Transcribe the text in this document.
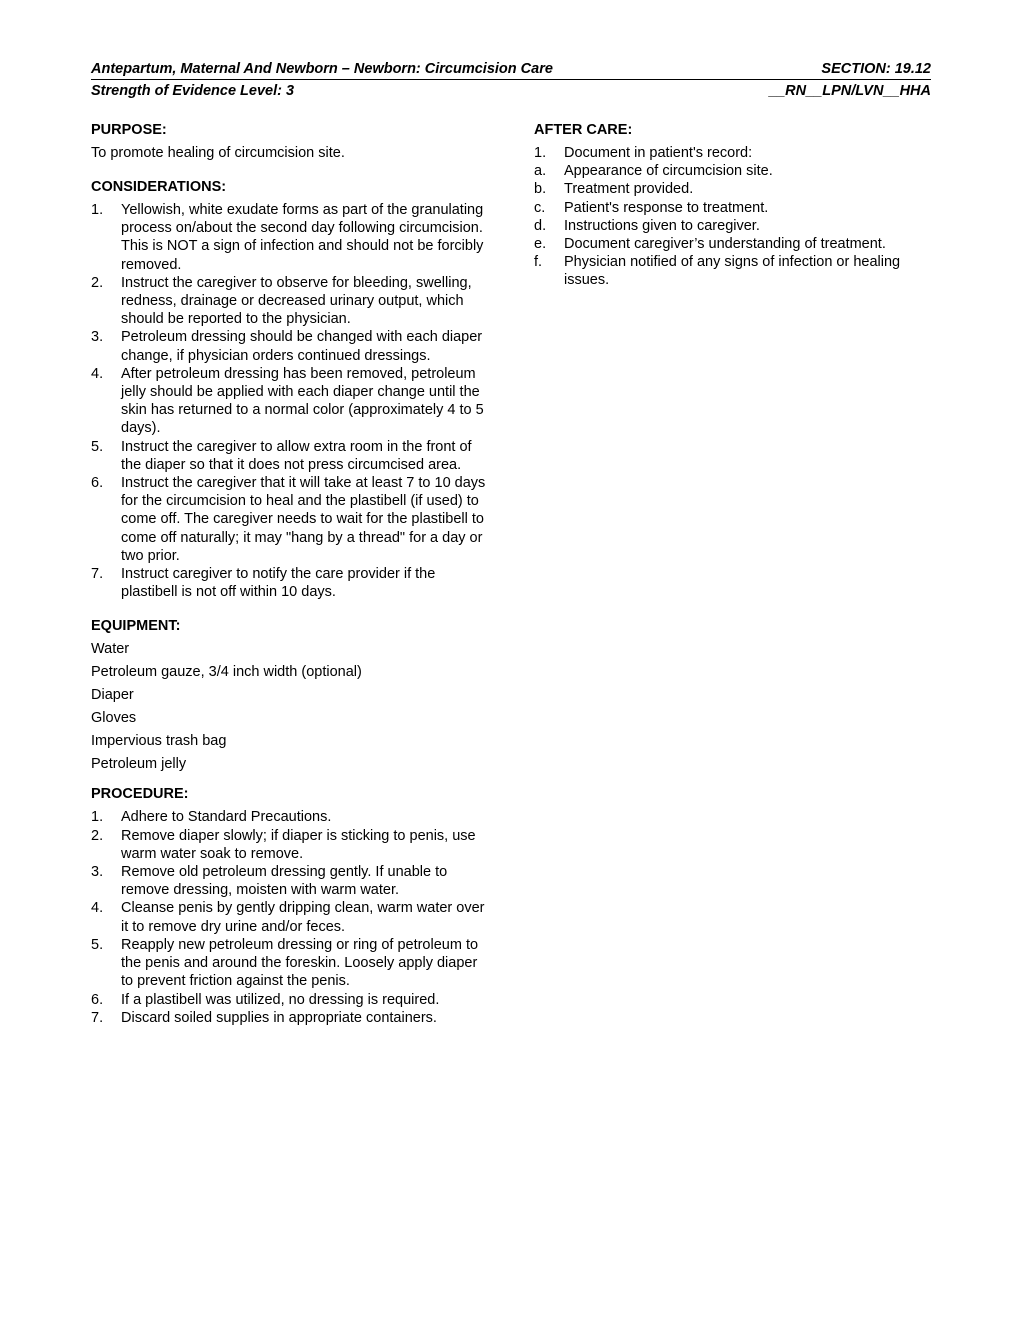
Antepartum, Maternal And Newborn – Newborn: Circumcision Care	SECTION: 19.12
Strength of Evidence Level: 3	__RN__LPN/LVN__HHA
PURPOSE:
To promote healing of circumcision site.
CONSIDERATIONS:
1.	Yellowish, white exudate forms as part of the granulating process on/about the second day following circumcision. This is NOT a sign of infection and should not be forcibly removed.
2.	Instruct the caregiver to observe for bleeding, swelling, redness, drainage or decreased urinary output, which should be reported to the physician.
3.	Petroleum dressing should be changed with each diaper change, if physician orders continued dressings.
4.	After petroleum dressing has been removed, petroleum jelly should be applied with each diaper change until the skin has returned to a normal color (approximately 4 to 5 days).
5.	Instruct the caregiver to allow extra room in the front of the diaper so that it does not press circumcised area.
6.	Instruct the caregiver that it will take at least 7 to 10 days for the circumcision to heal and the plastibell (if used) to come off. The caregiver needs to wait for the plastibell to come off naturally; it may "hang by a thread" for a day or two prior.
7.	Instruct caregiver to notify the care provider if the plastibell is not off within 10 days.
EQUIPMENT:
Water
Petroleum gauze, 3/4 inch width (optional)
Diaper
Gloves
Impervious trash bag
Petroleum jelly
PROCEDURE:
1.	Adhere to Standard Precautions.
2.	Remove diaper slowly; if diaper is sticking to penis, use warm water soak to remove.
3.	Remove old petroleum dressing gently. If unable to remove dressing, moisten with warm water.
4.	Cleanse penis by gently dripping clean, warm water over it to remove dry urine and/or feces.
5.	Reapply new petroleum dressing or ring of petroleum to the penis and around the foreskin. Loosely apply diaper to prevent friction against the penis.
6.	If a plastibell was utilized, no dressing is required.
7.	Discard soiled supplies in appropriate containers.
AFTER CARE:
1.	Document in patient's record:
a.	Appearance of circumcision site.
b.	Treatment provided.
c.	Patient's response to treatment.
d.	Instructions given to caregiver.
e.	Document caregiver’s understanding of treatment.
f.	Physician notified of any signs of infection or healing issues.
